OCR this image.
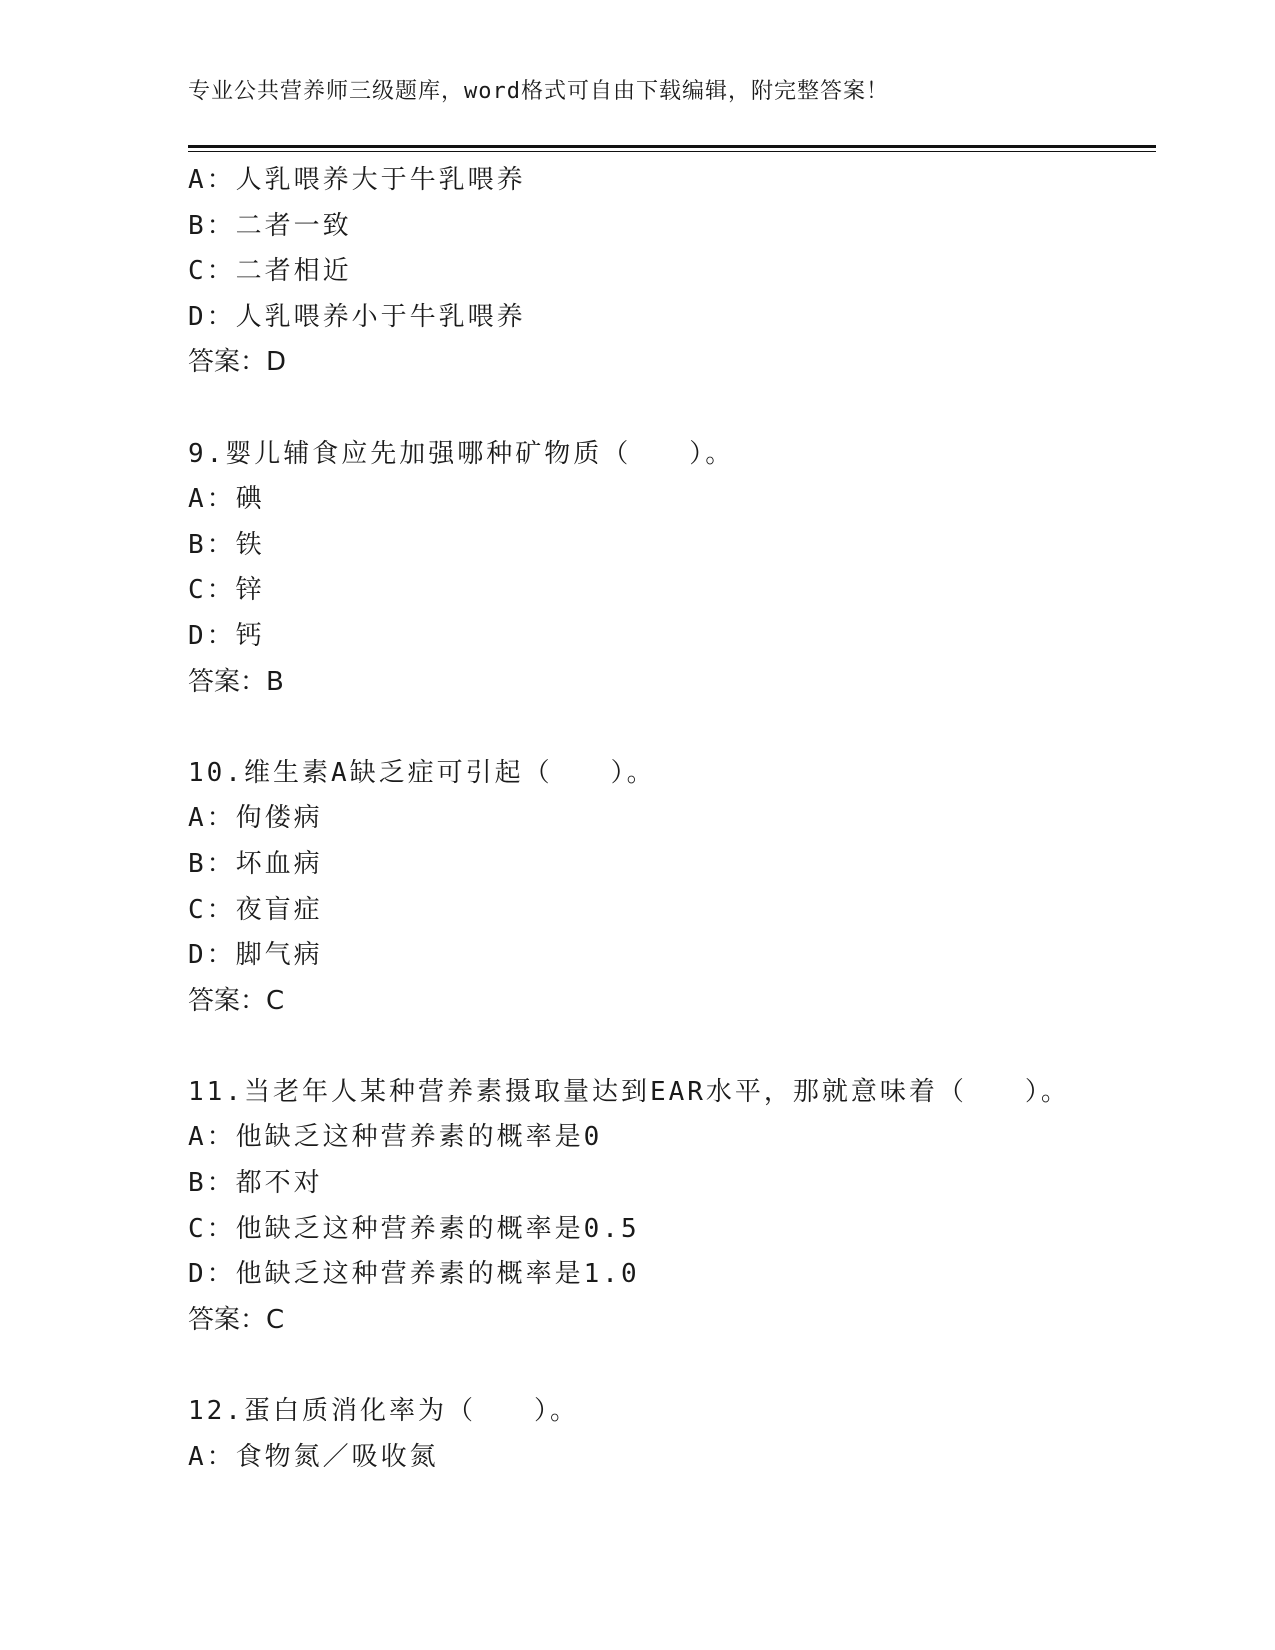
专业公共营养师三级题库，word格式可自由下载编辑，附完整答案！
A：人乳喂养大于牛乳喂养
B：二者一致
C：二者相近
D：人乳喂养小于牛乳喂养
答案：D
9.婴儿辅食应先加强哪种矿物质（　　）。
A：碘
B：铁
C：锌
D：钙
答案：B
10.维生素A缺乏症可引起（　　）。
A：佝偻病
B：坏血病
C：夜盲症
D：脚气病
答案：C
11.当老年人某种营养素摄取量达到EAR水平，那就意味着（　　）。
A：他缺乏这种营养素的概率是0
B：都不对
C：他缺乏这种营养素的概率是0.5
D：他缺乏这种营养素的概率是1.0
答案：C
12.蛋白质消化率为（　　）。
A：食物氮／吸收氮
